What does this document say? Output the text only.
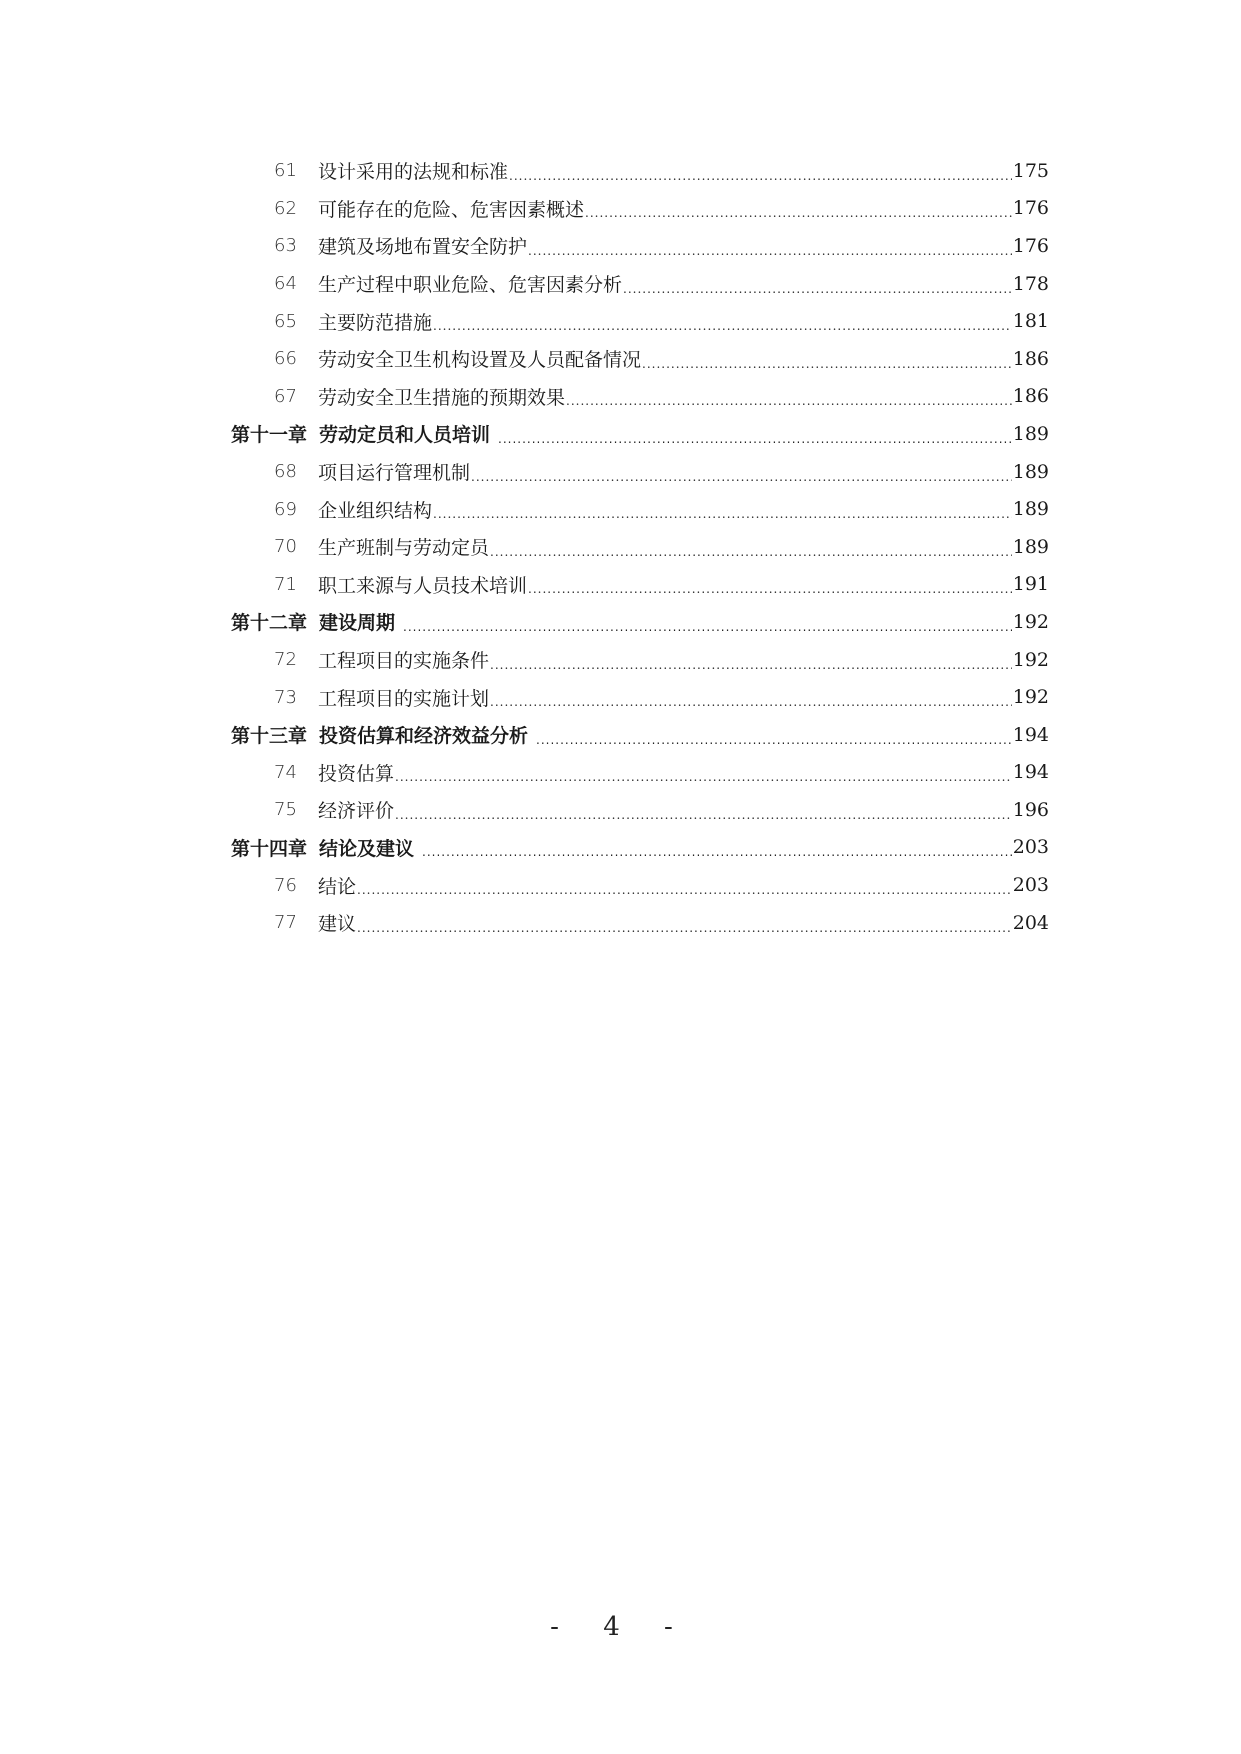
61 设计采用的法规和标准 .....	175
62 可能存在的危险、危害因素概述 .....	176
63 建筑及场地布置安全防护 .....	176
64 生产过程中职业危险、危害因素分析 .....	178
65 主要防范措施 .....	181
66 劳动安全卫生机构设置及人员配备情况 .....	186
67 劳动安全卫生措施的预期效果 .....	186
第十一章 劳动定员和人员培训 .....	189
68 项目运行管理机制 .....	189
69 企业组织结构 .....	189
70 生产班制与劳动定员 .....	189
71 职工来源与人员技术培训 .....	191
第十二章 建设周期 .....	192
72 工程项目的实施条件 .....	192
73 工程项目的实施计划 .....	192
第十三章 投资估算和经济效益分析 .....	194
74 投资估算 .....	194
75 经济评价 .....	196
第十四章 结论及建议 .....	203
76 结论 .....	203
77 建议 .....	204
- 4 -
